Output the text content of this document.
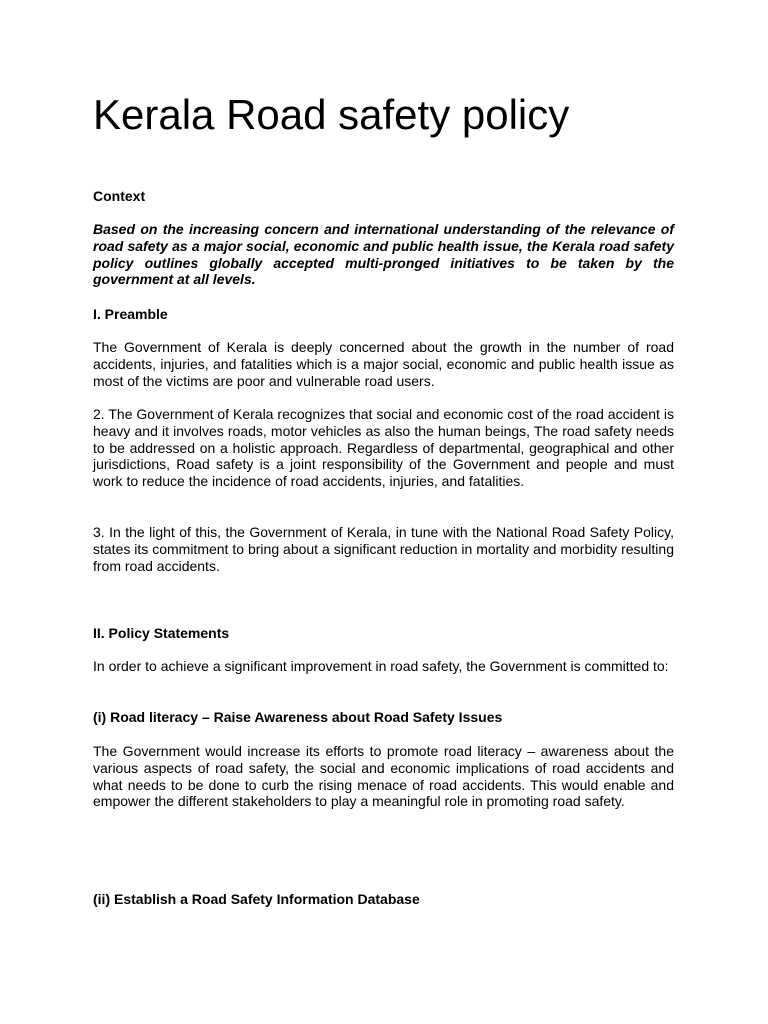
Kerala Road safety policy
Context

Based on the increasing concern and international understanding of the relevance of road safety as a major social, economic and public health issue, the Kerala road safety policy outlines globally accepted multi-pronged initiatives to be taken by the government at all levels.

I. Preamble

The Government of Kerala is deeply concerned about the growth in the number of road accidents, injuries, and fatalities which is a major social, economic and public health issue as most of the victims are poor and vulnerable road users.

2. The Government of Kerala recognizes that social and economic cost of the road accident is heavy and it involves roads, motor vehicles as also the human beings, The road safety needs to be addressed on a holistic approach. Regardless of departmental, geographical and other jurisdictions, Road safety is a joint responsibility of the Government and people and must work to reduce the incidence of road accidents, injuries, and fatalities.

3. In the light of this, the Government of Kerala, in tune with the National Road Safety Policy, states its commitment to bring about a significant reduction in mortality and morbidity resulting from road accidents.

II. Policy Statements

In order to achieve a significant improvement in road safety, the Government is committed to:

(i) Road literacy – Raise Awareness about Road Safety Issues

The Government would increase its efforts to promote road literacy – awareness about the various aspects of road safety, the social and economic implications of road accidents and what needs to be done to curb the rising menace of road accidents. This would enable and empower the different stakeholders to play a meaningful role in promoting road safety.

(ii) Establish a Road Safety Information Database
